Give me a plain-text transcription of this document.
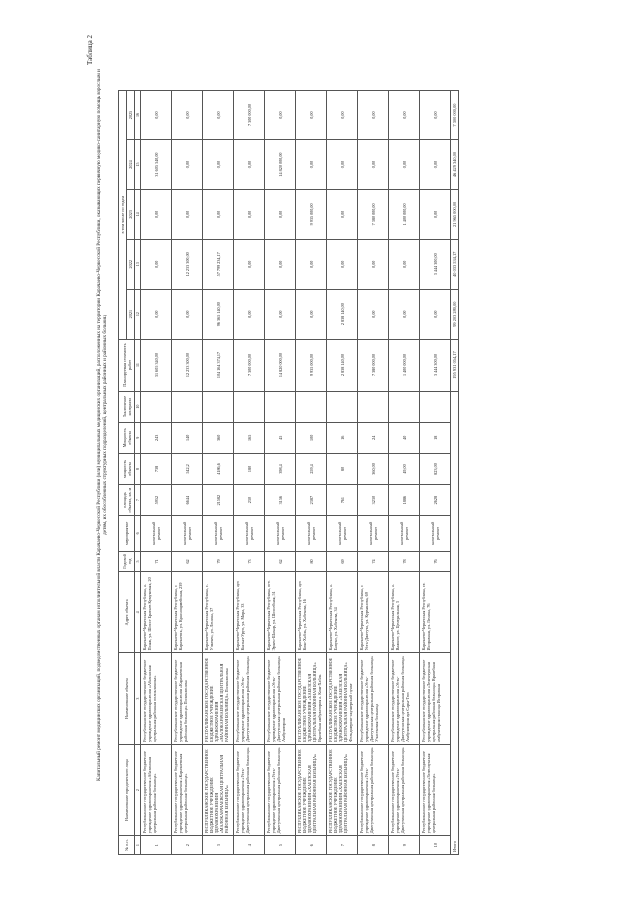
Таблица 2
Капитальный ремонт медицинских организаций, подведомственных органам исполнительной власти Карачаево-Черкесской Республики (или) муниципальных медицинских организаций, расположенных на территории Карачаево-Черкесской Республики, оказывающих первичную медико-санитарную помощь взрослым и детям, их обособленных структурных подразделений, центральных районных и районных больниц
№ п.п.	Наименование юридического лица	Наименование объекта	Адрес объекта	Годовой год	мероприятие	площадь объекта, кв. м	мощность объекта	Мощность объекта	Заключение контракта	Планируемая стоимость работ	в том числе по годам				
											2021	2022	2023	2024	2025
1	2	3	4	5	6	7	8	9	10	11	12	13	14	15	16
1	Республиканское государственное бюджетное учреждение здравоохранения «Абазинская центральная районная больница»	Республиканское государственное бюджетное учреждение здравоохранения «Абазинская центральная районная поликлиника»	Карачаево-Черкесская Республика, а. Псыж, ул. Шоссе Братьев Кумуковых, 20	71	капитальный ремонт	5952	738	243		31 605 340,00	0,00	0,00	0,00	31 605 340,00	0,00
2	Республиканское государственное бюджетное учреждение здравоохранения «Карачаевская центральная районная больница»	Республиканское государственное бюджетное учреждение здравоохранения «Карачаевская районная больница» Поликлиника	Карачаево-Черкесская Республика, г. Карачаевск, ул. Красноармейская, 239	62	капитальный ремонт	6644	542,2	140		12 233 300,00	0,00	12 233 300,00	0,00	0,00	0,00
3	РЕСПУБЛИКАНСКОЕ ГОСУДАРСТВЕННОЕ БЮДЖЕТНОЕ УЧРЕЖДЕНИЕ ЗДРАВООХРАНЕНИЯ «МАЛОКАРАЧАЕВСКАЯ ЦЕНТРАЛЬНАЯ РАЙОННАЯ БОЛЬНИЦА»	РЕСПУБЛИКАНСКОЕ ГОСУДАРСТВЕННОЕ БЮДЖЕТНОЕ УЧРЕЖДЕНИЕ ЗДРАВООХРАНЕНИЯ «МАЛОКАРАЧАЕВСКАЯ ЦЕНТРАЛЬНАЯ РАЙОННАЯ БОЛЬНИЦА» Поликлиника	Карачаево-Черкесская Республика, с. Учкекен, ул. Ленина, 37	79	капитальный ремонт	21582	4186,6	360		104 164 374,17	96 365 140,00	57 799 234,17	0,00	0,00	0,00
4	Республиканское государственное бюджетное учреждение здравоохранения «Усть-Джегутинская центральная районная больница»	Республиканское государственное бюджетное учреждение здравоохранения «Усть-Джегутинская центральная районная больница»	Карачаево-Черкесская Республика, аул Кызыл-Уруп, ул. Мира, 33	73	капитальный ремонт	230	180	165		7 300 000,00	0,00	0,00	0,00	0,00	7 300 000,00
5	Республиканское государственное бюджетное учреждение здравоохранения «Усть-Джегутинская центральная районная больница»	Республиканское государственное бюджетное учреждение здравоохранения «Усть-Джегутинская центральная районная больница» Амбулатория	Карачаево-Черкесская Республика, пгт. Эркен-Шахар, ул. Шоссейная, 51	62	капитальный ремонт	3156	398,4	45		14 820 000,00	0,00	0,00	0,00	14 820 000,00	0,00
6	РЕСПУБЛИКАНСКОЕ ГОСУДАРСТВЕННОЕ БЮДЖЕТНОЕ УЧРЕЖДЕНИЕ ЗДРАВООХРАНЕНИЯ «ХАБЕЗСКАЯ ЦЕНТРАЛЬНАЯ РАЙОННАЯ БОЛЬНИЦА»	РЕСПУБЛИКАНСКОЕ ГОСУДАРСТВЕННОЕ БЮДЖЕТНОЕ УЧРЕЖДЕНИЕ ЗДРАВООХРАНЕНИЯ «ХАБЕЗСКАЯ ЦЕНТРАЛЬНАЯ РАЙОННАЯ БОЛЬНИЦА» Врачебная амбулатория а. Кош-Хабль	Карачаево-Черкесская Республика, аул Кош-Хабль, ул. Хабекова, 16	80	капитальный ремонт	2387	259,4	100		9 935 000,00	0,00	0,00	9 935 000,00	0,00	0,00
7	РЕСПУБЛИКАНСКОЕ ГОСУДАРСТВЕННОЕ БЮДЖЕТНОЕ УЧРЕЖДЕНИЕ ЗДРАВООХРАНЕНИЯ «ХАБЕЗСКАЯ ЦЕНТРАЛЬНАЯ РАЙОННАЯ БОЛЬНИЦА»	РЕСПУБЛИКАНСКОЕ ГОСУДАРСТВЕННОЕ БЮДЖЕТНОЕ УЧРЕЖДЕНИЕ ЗДРАВООХРАНЕНИЯ «ХАБЕЗСКАЯ ЦЕНТРАЛЬНАЯ РАЙОННАЯ БОЛЬНИЦА» Фельдшерско-акушерский пункт	Карачаево-Черкесская Республика, а. Бавуко, ул. Хабекова, 34	69	капитальный ремонт	761	80	16		2 838 140,00	2 838 140,00	0,00	0,00	0,00	0,00
8	Республиканское государственное бюджетное учреждение здравоохранения «Усть-Джегутинская центральная районная больница»	Республиканское государственное бюджетное учреждение здравоохранения «Усть-Джегутинская центральная районная больница» Участковая больница	Карачаево-Черкесская Республика, г. Усть-Джегута, ул. Курманова, 69	74	капитальный ремонт	3230	360,00	24		7 380 000,00	0,00	0,00	7 380 000,00	0,00	0,00
9	Республиканское государственное бюджетное учреждение здравоохранения «Усть-Джегутинская центральная районная больница»	Республиканское государственное бюджетное учреждение здравоохранения «Усть-Джегутинская центральная районная больница» Амбулатория аул Сары-Тюз	Карачаево-Черкесская Республика, а. Важное, ул. Центральная, 3	78	капитальный ремонт	1886	49,00	40		1 400 000,00	0,00	0,00	1 400 000,00	0,00	0,00
10	Республиканское государственное бюджетное учреждение здравоохранения «Зеленчукская центральная районная больница»	Республиканское государственное бюджетное учреждение здравоохранения «Зеленчукская центральная районная больница» Врачебная амбулатория станица Исправная	Карачаево-Черкесская Республика, ст. Исправная, ул. Ленина, 76	76	капитальный ремонт	2628	823,00	18		3 444 300,00	0,00	3 444 300,00	0,00	0,00	0,00
Итого										195 931 054,17	99 203 280,00	40 033 534,17	21 965 000,00	46 429 340,00	7 300 000,00
